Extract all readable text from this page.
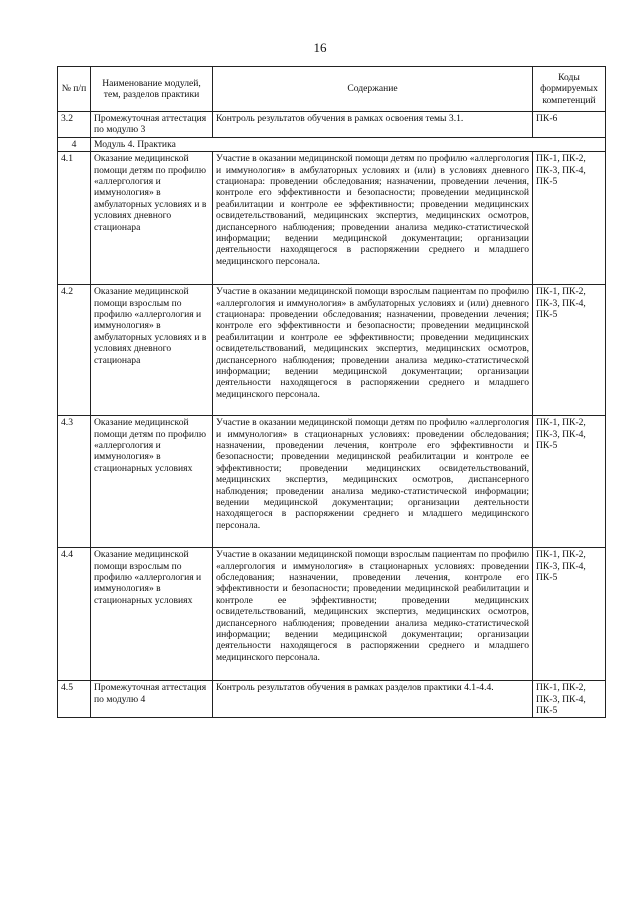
16
№ п/п	Наименование модулей, тем, разделов практики	Содержание	Коды формируемых компетенций
3.2	Промежуточная аттестация по модулю 3	Контроль результатов обучения в рамках освоения темы 3.1.	ПК-6
4	Модуль 4. Практика		
4.1	Оказание медицинской помощи детям по профилю «аллергология и иммунология» в амбулаторных условиях и в условиях дневного стационара	Участие в оказании медицинской помощи детям по профилю «аллергология и иммунология» в амбулаторных условиях и (или) в условиях дневного стационара: проведении обследования; назначении, проведении лечения, контроле его эффективности и безопасности; проведении медицинской реабилитации и контроле ее эффективности; проведении медицинских освидетельствований, медицинских экспертиз, медицинских осмотров, диспансерного наблюдения; проведении анализа медико-статистической информации; ведении медицинской документации; организации деятельности находящегося в распоряжении среднего и младшего медицинского персонала.	ПК-1, ПК-2, ПК-3, ПК-4, ПК-5
4.2	Оказание медицинской помощи взрослым по профилю «аллергология и иммунология» в амбулаторных условиях и в условиях дневного стационара	Участие в оказании медицинской помощи взрослым пациентам по профилю «аллергология и иммунология» в амбулаторных условиях и (или) дневного стационара: проведении обследования; назначении, проведении лечения; контроле его эффективности и безопасности; проведении медицинской реабилитации и контроле ее эффективности; проведении медицинских освидетельствований, медицинских экспертиз, медицинских осмотров, диспансерного наблюдения; проведении анализа медико-статистической информации; ведении медицинской документации; организации деятельности находящегося в распоряжении среднего и младшего медицинского персонала.	ПК-1, ПК-2, ПК-3, ПК-4, ПК-5
4.3	Оказание медицинской помощи детям по профилю «аллергология и иммунология» в стационарных условиях	Участие в оказании медицинской помощи детям по профилю «аллергология и иммунология» в стационарных условиях: проведении обследования; назначении, проведении лечения, контроле его эффективности и безопасности; проведении медицинской реабилитации и контроле ее эффективности; проведении медицинских освидетельствований, медицинских экспертиз, медицинских осмотров, диспансерного наблюдения; проведении анализа медико-статистической информации; ведении медицинской документации; организации деятельности находящегося в распоряжении среднего и младшего медицинского персонала.	ПК-1, ПК-2, ПК-3, ПК-4, ПК-5
4.4	Оказание медицинской помощи взрослым по профилю «аллергология и иммунология» в стационарных условиях	Участие в оказании медицинской помощи взрослым пациентам по профилю «аллергология и иммунология» в стационарных условиях: проведении обследования; назначении, проведении лечения, контроле его эффективности и безопасности; проведении медицинской реабилитации и контроле ее эффективности; проведении медицинских освидетельствований, медицинских экспертиз, медицинских осмотров, диспансерного наблюдения; проведении анализа медико-статистической информации; ведении медицинской документации; организации деятельности находящегося в распоряжении среднего и младшего медицинского персонала.	ПК-1, ПК-2, ПК-3, ПК-4, ПК-5
4.5	Промежуточная аттестация по модулю 4	Контроль результатов обучения в рамках разделов практики 4.1-4.4.	ПК-1, ПК-2, ПК-3, ПК-4, ПК-5
